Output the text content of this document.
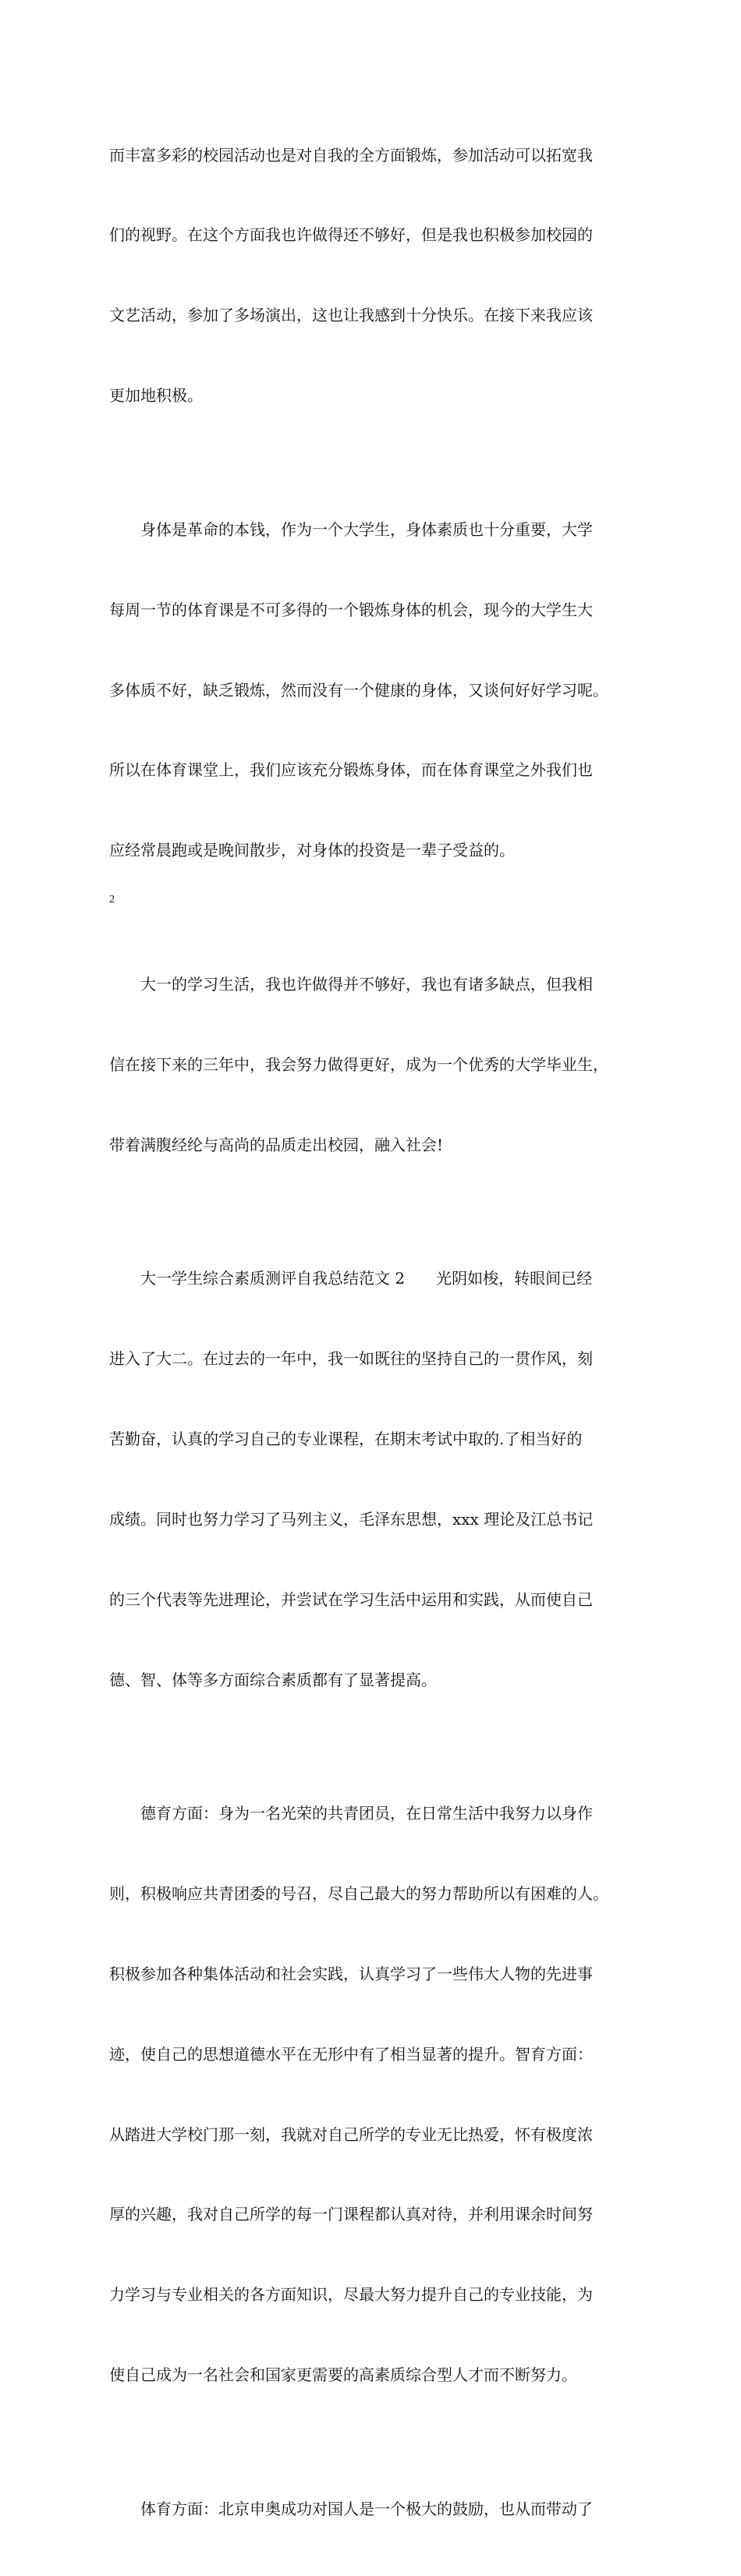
而丰富多彩的校园活动也是对自我的全方面锻炼，参加活动可以拓宽我

们的视野。在这个方面我也许做得还不够好，但是我也积极参加校园的

文艺活动，参加了多场演出，这也让我感到十分快乐。在接下来我应该

更加地积极。

身体是革命的本钱，作为一个大学生，身体素质也十分重要，大学

每周一节的体育课是不可多得的一个锻炼身体的机会，现今的大学生大

多体质不好，缺乏锻炼，然而没有一个健康的身体，又谈何好好学习呢。

所以在体育课堂上，我们应该充分锻炼身体，而在体育课堂之外我们也

应经常晨跑或是晚间散步，对身体的投资是一辈子受益的。

大一的学习生活，我也许做得并不够好，我也有诸多缺点，但我相

信在接下来的三年中，我会努力做得更好，成为一个优秀的大学毕业生，

带着满腹经纶与高尚的品质走出校园，融入社会!

大一学生综合素质测评自我总结范文 2　　光阴如梭，转眼间已经

进入了大二。在过去的一年中，我一如既往的坚持自己的一贯作风，刻

苦勤奋，认真的学习自己的专业课程，在期末考试中取的.了相当好的

成绩。同时也努力学习了马列主义，毛泽东思想，xxx 理论及江总书记

的三个代表等先进理论，并尝试在学习生活中运用和实践，从而使自己

德、智、体等多方面综合素质都有了显著提高。

德育方面：身为一名光荣的共青团员，在日常生活中我努力以身作

则，积极响应共青团委的号召，尽自己最大的努力帮助所以有困难的人。

积极参加各种集体活动和社会实践，认真学习了一些伟大人物的先进事

迹，使自己的思想道德水平在无形中有了相当显著的提升。智育方面：

从踏进大学校门那一刻，我就对自己所学的专业无比热爱，怀有极度浓

厚的兴趣，我对自己所学的每一门课程都认真对待，并利用课余时间努

力学习与专业相关的各方面知识，尽最大努力提升自己的专业技能，为

使自己成为一名社会和国家更需要的高素质综合型人才而不断努力。

体育方面：北京申奥成功对国人是一个极大的鼓励，也从而带动了

2
